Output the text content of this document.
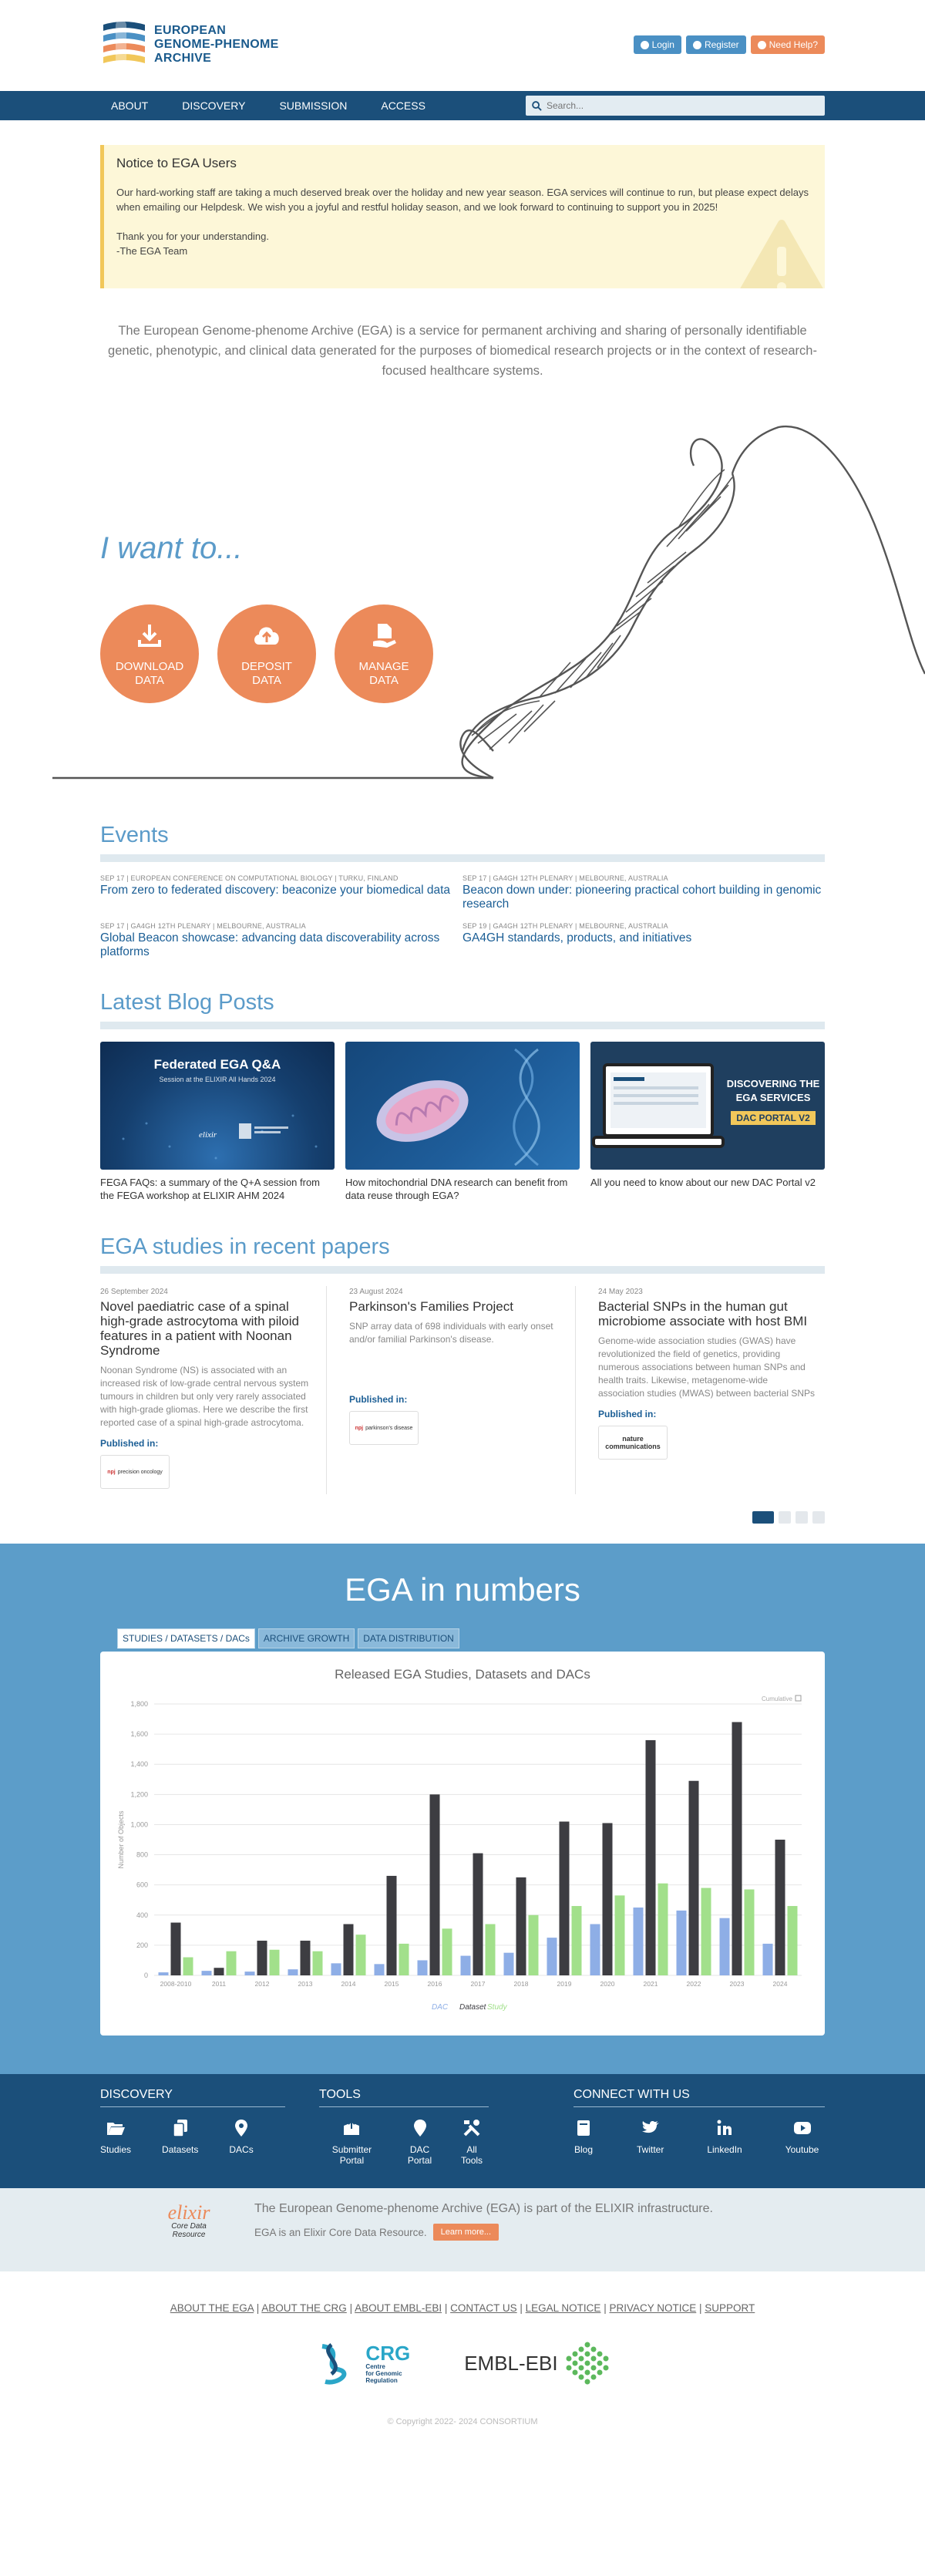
EUROPEAN
GENOME-PHENOME
ARCHIVE
Login	Register	Need Help?
ABOUT	DISCOVERY	SUBMISSION	ACCESS
Search...
Notice to EGA Users

Our hard-working staff are taking a much deserved break over the holiday and new year season. EGA services will continue to run, but please expect delays when emailing our Helpdesk. We wish you a joyful and restful holiday season, and we look forward to continuing to support you in 2025!

Thank you for your understanding.

-The EGA Team

The European Genome-phenome Archive (EGA) is a service for permanent archiving and sharing of personally identifiable genetic, phenotypic, and clinical data generated for the purposes of biomedical research projects or in the context of research-focused healthcare systems.

I want to...
DOWNLOAD
DATA
DEPOSIT
DATA
MANAGE
DATA
Events
SEP 17 | EUROPEAN CONFERENCE ON COMPUTATIONAL BIOLOGY | TURKU, FINLAND
From zero to federated discovery: beaconize your biomedical data
SEP 17 | GA4GH 12TH PLENARY | MELBOURNE, AUSTRALIA
Beacon down under: pioneering practical cohort building in genomic research
SEP 17 | GA4GH 12TH PLENARY | MELBOURNE, AUSTRALIA
Global Beacon showcase: advancing data discoverability across platforms
SEP 19 | GA4GH 12TH PLENARY | MELBOURNE, AUSTRALIA
GA4GH standards, products, and initiatives
Latest Blog Posts
Federated EGA Q&A
Session at the ELIXIR All Hands 2024
elixir
FEGA FAQs: a summary of the Q+A session from the FEGA workshop at ELIXIR AHM 2024
How mitochondrial DNA research can benefit from data reuse through EGA?
DISCOVERING THE
EGA SERVICES
DAC PORTAL V2
All you need to know about our new DAC Portal v2
EGA studies in recent papers
26 September 2024
Novel paediatric case of a spinal high-grade astrocytoma with piloid features in a patient with Noonan Syndrome
Noonan Syndrome (NS) is associated with an increased risk of low-grade central nervous system tumours in children but only very rarely associated with high-grade gliomas. Here we describe the first reported case of a spinal high-grade astrocytoma.
Published in:
npj precision oncology
23 August 2024
Parkinson's Families Project
SNP array data of 698 individuals with early onset and/or familial Parkinson's disease.
Published in:
npj parkinson's disease
24 May 2023
Bacterial SNPs in the human gut microbiome associate with host BMI
Genome-wide association studies (GWAS) have revolutionized the field of genetics, providing numerous associations between human SNPs and health traits. Likewise, metagenome-wide association studies (MWAS) between bacterial SNPs
Published in:
nature
communications
EGA in numbers
STUDIES / DATASETS / DACs	ARCHIVE GROWTH	DATA DISTRIBUTION
Released EGA Studies, Datasets and DACs
0
200
400
600
800
1,000
1,200
1,400
1,600
1,800
Number of Objects
Cumulative
2008-2010	2011	2012	2013	2014	2015	2016	2017	2018	2019	2020	2021	2022	2023	2024
DAC Dataset Study
DISCOVERY
Studies	Datasets	DACs
TOOLS
Submitter Portal
DAC Portal
All Tools
CONNECT WITH US
Blog	Twitter	LinkedIn	Youtube
elixir
Core Data
Resource
The European Genome-phenome Archive (EGA) is part of the ELIXIR infrastructure.
EGA is an Elixir Core Data Resource.	Learn more...
ABOUT THE EGA | ABOUT THE CRG | ABOUT EMBL-EBI | CONTACT US | LEGAL NOTICE | PRIVACY NOTICE | SUPPORT
CRG
Centre
for Genomic
Regulation
EMBL-EBI
© Copyright 2022- 2024 CONSORTIUM
